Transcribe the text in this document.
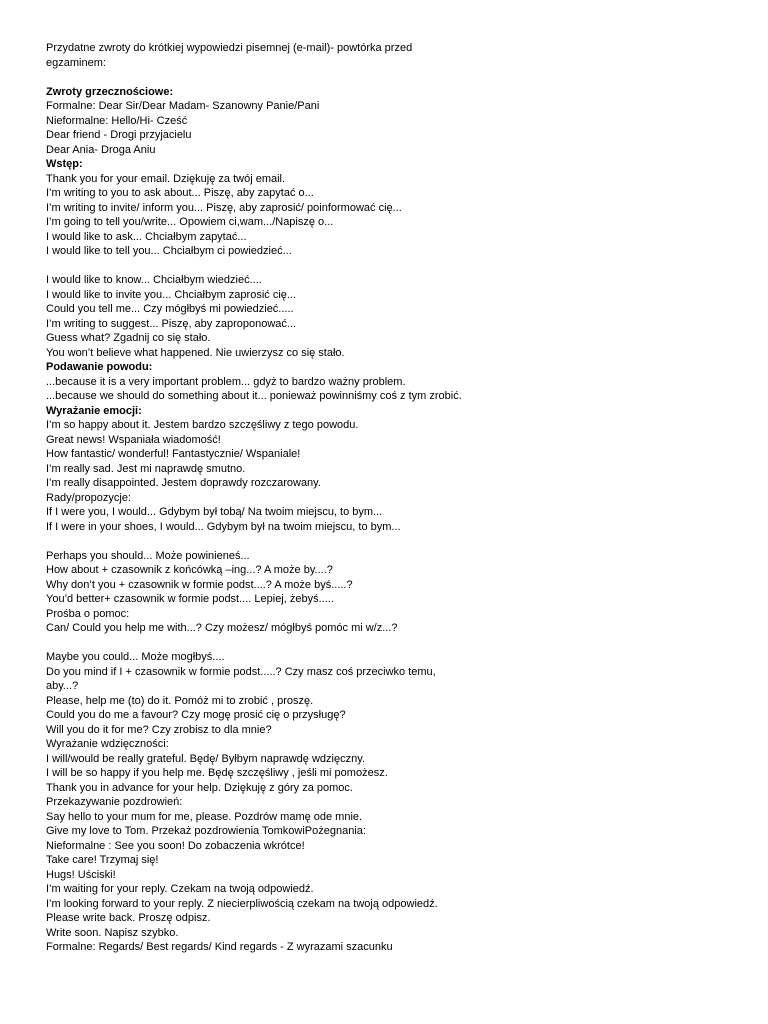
Przydatne zwroty do krótkiej wypowiedzi pisemnej (e-mail)- powtórka przed egzaminem:
Zwroty grzecznościowe:
Formalne: Dear Sir/Dear Madam- Szanowny Panie/Pani
Nieformalne: Hello/Hi- Cześć
Dear friend - Drogi przyjacielu
Dear Ania- Droga Aniu
Wstęp:
Thank you for your email. Dziękuję za twój email.
I’m writing to you to ask about... Piszę, aby zapytać o...
I’m writing to invite/ inform you... Piszę, aby zaprosić/ poinformować cię...
I’m going to tell you/write... Opowiem ci,wam.../Napiszę o...
I would like to ask... Chciałbym zapytać...
I would like to tell you... Chciałbym ci powiedzieć...
I would like to know... Chciałbym wiedzieć....
I would like to invite you... Chciałbym zaprosić cię...
Could you tell me... Czy mógłbyś mi powiedzieć.....
I’m writing to suggest... Piszę, aby zaproponować...
Guess what? Zgadnij co się stało.
You won’t believe what happened. Nie uwierzysz co się stało.
Podawanie powodu:
...because it is a very important problem... gdyż to bardzo ważny problem.
...because we should do something about it... ponieważ powinniśmy coś z tym zrobić.
Wyrażanie emocji:
I’m so happy about it. Jestem bardzo szczęśliwy z tego powodu.
Great news! Wspaniała wiadomość!
How fantastic/ wonderful! Fantastycznie/ Wspaniale!
I’m really sad. Jest mi naprawdę smutno.
I’m really disappointed. Jestem doprawdy rozczarowany.
Rady/propozycje:
If I were you, I would... Gdybym był tobą/ Na twoim miejscu, to bym...
If I were in your shoes, I would... Gdybym był na twoim miejscu, to bym...
Perhaps you should... Może powinieneś...
How about + czasownik z końcówką –ing...? A może by....?
Why don’t you + czasownik w formie podst....? A może byś.....?
You’d better+ czasownik w formie podst.... Lepiej, żebyś.....
Prośba o pomoc:
Can/ Could you help me with...? Czy możesz/ mógłbyś pomóc mi w/z...?
Maybe you could... Może mogłbyś....
Do you mind if I + czasownik w formie podst.....? Czy masz coś przeciwko temu, aby...?
Please, help me (to) do it. Pomóż mi to zrobić , proszę.
Could you do me a favour? Czy mogę prosić cię o przysługę?
Will you do it for me? Czy zrobisz to dla mnie?
Wyrażanie wdzięczności:
I will/would be really grateful. Będę/ Byłbym naprawdę wdzięczny.
I will be so happy if you help me. Będę szczęśliwy , jeśli mi pomożesz.
Thank you in advance for your help. Dziękuję z góry za pomoc.
Przekazywanie pozdrowień:
Say hello to your mum for me, please. Pozdrów mamę ode mnie.
Give my love to Tom. Przekaż pozdrowienia TomkowiPożegnania:
Nieformalne : See you soon! Do zobaczenia wkrótce!
Take care! Trzymaj się!
Hugs! Uściski!
I’m waiting for your reply. Czekam na twoją odpowiedź.
I’m looking forward to your reply. Z niecierpliwością czekam na twoją odpowiedź.
Please write back. Proszę odpisz.
Write soon. Napisz szybko.
Formalne: Regards/ Best regards/ Kind regards - Z wyrazami szacunku
